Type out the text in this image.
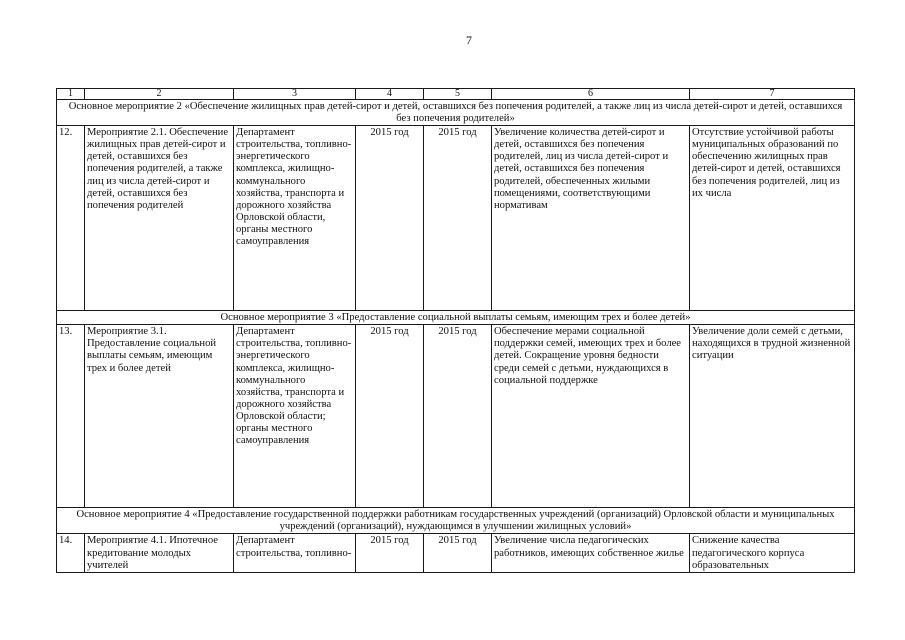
7
1	2	3	4	5	6	7
Основное мероприятие 2 «Обеспечение жилищных прав детей-сирот и детей, оставшихся без попечения родителей, а также лиц из числа детей-сирот и детей, оставшихся без попечения родителей»						
12.	Мероприятие 2.1. Обеспечение жилищных прав детей-сирот и детей, оставшихся без попечения родителей, а также лиц из числа детей-сирот и детей, оставшихся без попечения родителей	Департамент строительства, топливно-энергетического комплекса, жилищно-коммунального хозяйства, транспорта и дорожного хозяйства Орловской области, органы местного самоуправления	2015 год	2015 год	Увеличение количества детей-сирот и детей, оставшихся без попечения родителей, лиц из числа детей-сирот и детей, оставшихся без попечения родителей, обеспеченных жилыми помещениями, соответствующими нормативам	Отсутствие устойчивой работы муниципальных образований по обеспечению жилищных прав детей-сирот и детей, оставшихся без попечения родителей, лиц из их числа
Основное мероприятие 3 «Предоставление социальной выплаты семьям, имеющим трех и более детей»						
13.	Мероприятие 3.1. Предоставление социальной выплаты семьям, имеющим трех и более детей	Департамент строительства, топливно-энергетического комплекса, жилищно-коммунального хозяйства, транспорта и дорожного хозяйства Орловской области; органы местного самоуправления	2015 год	2015 год	Обеспечение мерами социальной поддержки семей, имеющих трех и более детей. Сокращение уровня бедности среди семей с детьми, нуждающихся в социальной поддержке	Увеличение доли семей с детьми, находящихся в трудной жизненной ситуации
Основное мероприятие 4 «Предоставление государственной поддержки работникам государственных учреждений (организаций) Орловской области и муниципальных учреждений (организаций), нуждающимся в улучшении жилищных условий»						
14.	Мероприятие 4.1. Ипотечное кредитование молодых учителей	Департамент строительства, топливно-	2015 год	2015 год	Увеличение числа педагогических работников, имеющих собственное жилье	Снижение качества педагогического корпуса образовательных
